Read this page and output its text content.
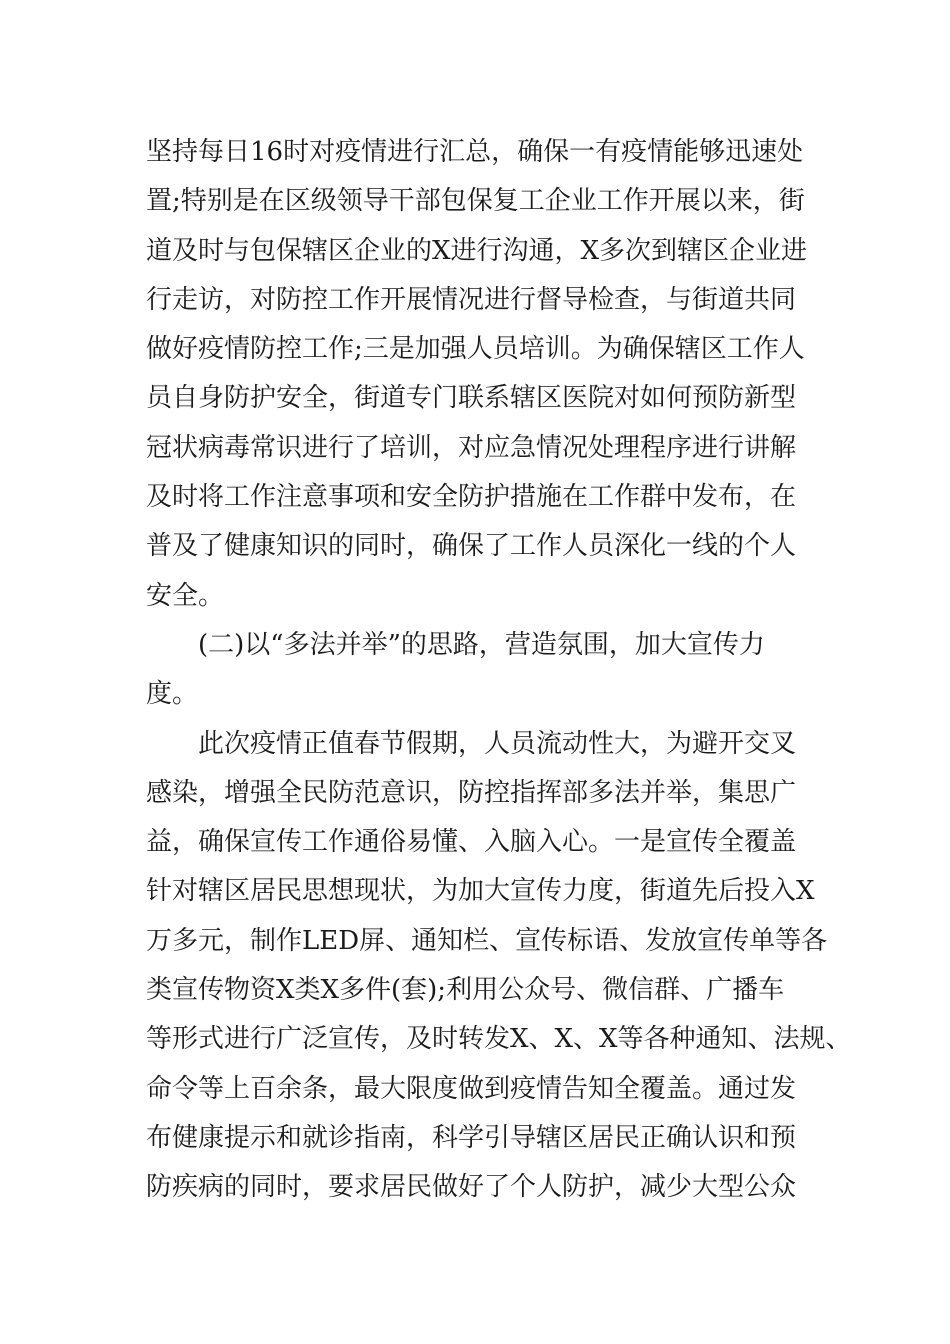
坚持每日16时对疫情进行汇总，确保一有疫情能够迅速处
置;特别是在区级领导干部包保复工企业工作开展以来，街
道及时与包保辖区企业的X进行沟通，X多次到辖区企业进
行走访，对防控工作开展情况进行督导检查，与街道共同
做好疫情防控工作;三是加强人员培训。为确保辖区工作人
员自身防护安全，街道专门联系辖区医院对如何预防新型
冠状病毒常识进行了培训，对应急情况处理程序进行讲解
及时将工作注意事项和安全防护措施在工作群中发布，在
普及了健康知识的同时，确保了工作人员深化一线的个人
安全。
(二)以“多法并举”的思路，营造氛围，加大宣传力
度。
此次疫情正值春节假期，人员流动性大，为避开交叉
感染，增强全民防范意识，防控指挥部多法并举，集思广
益，确保宣传工作通俗易懂、入脑入心。一是宣传全覆盖
针对辖区居民思想现状，为加大宣传力度，街道先后投入X
万多元，制作LED屏、通知栏、宣传标语、发放宣传单等各
类宣传物资X类X多件(套);利用公众号、微信群、广播车
等形式进行广泛宣传，及时转发X、X、X等各种通知、法规、
命令等上百余条，最大限度做到疫情告知全覆盖。通过发
布健康提示和就诊指南，科学引导辖区居民正确认识和预
防疾病的同时，要求居民做好了个人防护，减少大型公众
